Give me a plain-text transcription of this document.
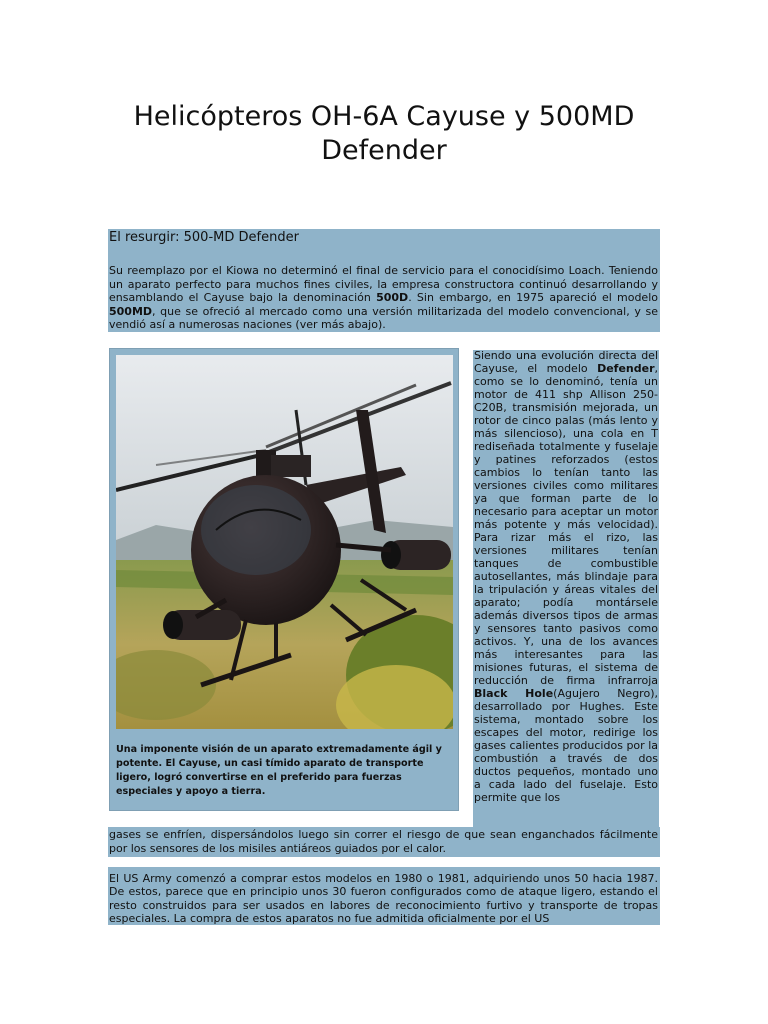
Helicópteros OH-6A Cayuse y 500MD Defender
El resurgir: 500-MD Defender
Su reemplazo por el Kiowa no determinó el final de servicio para el conocidísimo Loach. Teniendo un aparato perfecto para muchos fines civiles, la empresa constructora continuó desarrollando y ensamblando el Cayuse bajo la denominación 500D. Sin embargo, en 1975 apareció el modelo 500MD, que se ofreció al mercado como una versión militarizada del modelo convencional, y se vendió así a numerosas naciones (ver más abajo).
Una imponente visión de un aparato extremadamente ágil y potente. El Cayuse, un casi tímido aparato de transporte ligero, logró convertirse en el preferido para fuerzas especiales y apoyo a tierra.
Siendo una evolución directa del Cayuse, el modelo Defender, como se lo denominó, tenía un motor de 411 shp Allison 250-C20B, transmisión mejorada, un rotor de cinco palas (más lento y más silencioso), una cola en T rediseñada totalmente y fuselaje y patines reforzados (estos cambios lo tenían tanto las versiones civiles como militares ya que forman parte de lo necesario para aceptar un motor más potente y más velocidad). Para rizar más el rizo, las versiones militares tenían tanques de combustible autosellantes, más blindaje para la tripulación y áreas vitales del aparato; podía montársele además diversos tipos de armas y sensores tanto pasivos como activos. Y, una de los avances más interesantes para las misiones futuras, el sistema de reducción de firma infrarroja Black Hole(Agujero Negro), desarrollado por Hughes. Este sistema, montado sobre los escapes del motor, redirige los gases calientes producidos por la combustión a través de dos ductos pequeños, montado uno a cada lado del fuselaje. Esto permite que los
gases se enfríen, dispersándolos luego sin correr el riesgo de que sean enganchados fácilmente por los sensores de los misiles antiáreos guiados por el calor.
El US Army comenzó a comprar estos modelos en 1980 o 1981, adquiriendo unos 50 hacia 1987. De estos, parece que en principio unos 30 fueron configurados como de ataque ligero, estando el resto construidos para ser usados en labores de reconocimiento furtivo y transporte de tropas especiales. La compra de estos aparatos no fue admitida oficialmente por el US
